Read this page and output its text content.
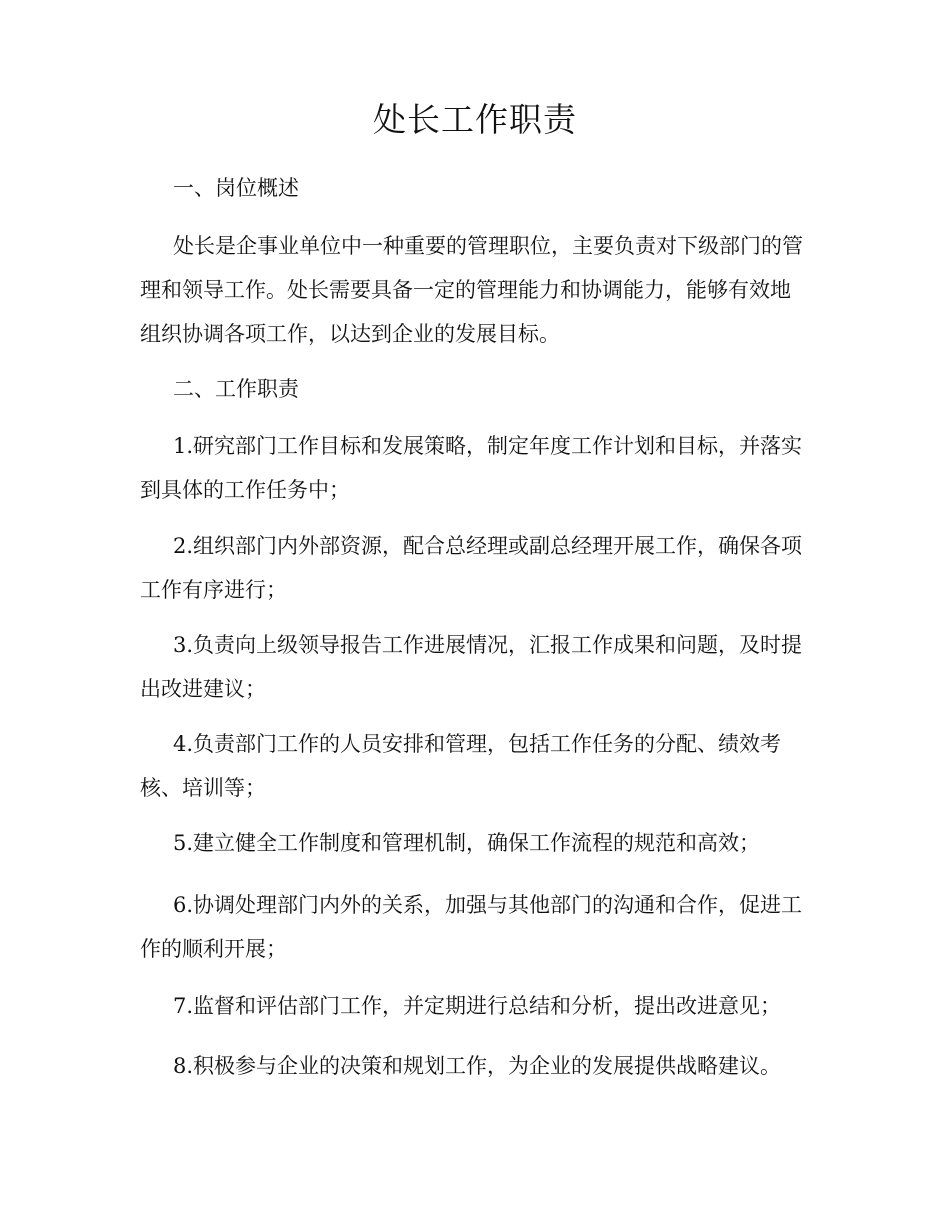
处长工作职责

一、岗位概述

处长是企事业单位中一种重要的管理职位，主要负责对下级部门的管理和领导工作。处长需要具备一定的管理能力和协调能力，能够有效地组织协调各项工作，以达到企业的发展目标。

二、工作职责

1.研究部门工作目标和发展策略，制定年度工作计划和目标，并落实到具体的工作任务中；

2.组织部门内外部资源，配合总经理或副总经理开展工作，确保各项工作有序进行；

3.负责向上级领导报告工作进展情况，汇报工作成果和问题，及时提出改进建议；

4.负责部门工作的人员安排和管理，包括工作任务的分配、绩效考核、培训等；

5.建立健全工作制度和管理机制，确保工作流程的规范和高效；

6.协调处理部门内外的关系，加强与其他部门的沟通和合作，促进工作的顺利开展；

7.监督和评估部门工作，并定期进行总结和分析，提出改进意见；

8.积极参与企业的决策和规划工作，为企业的发展提供战略建议。
